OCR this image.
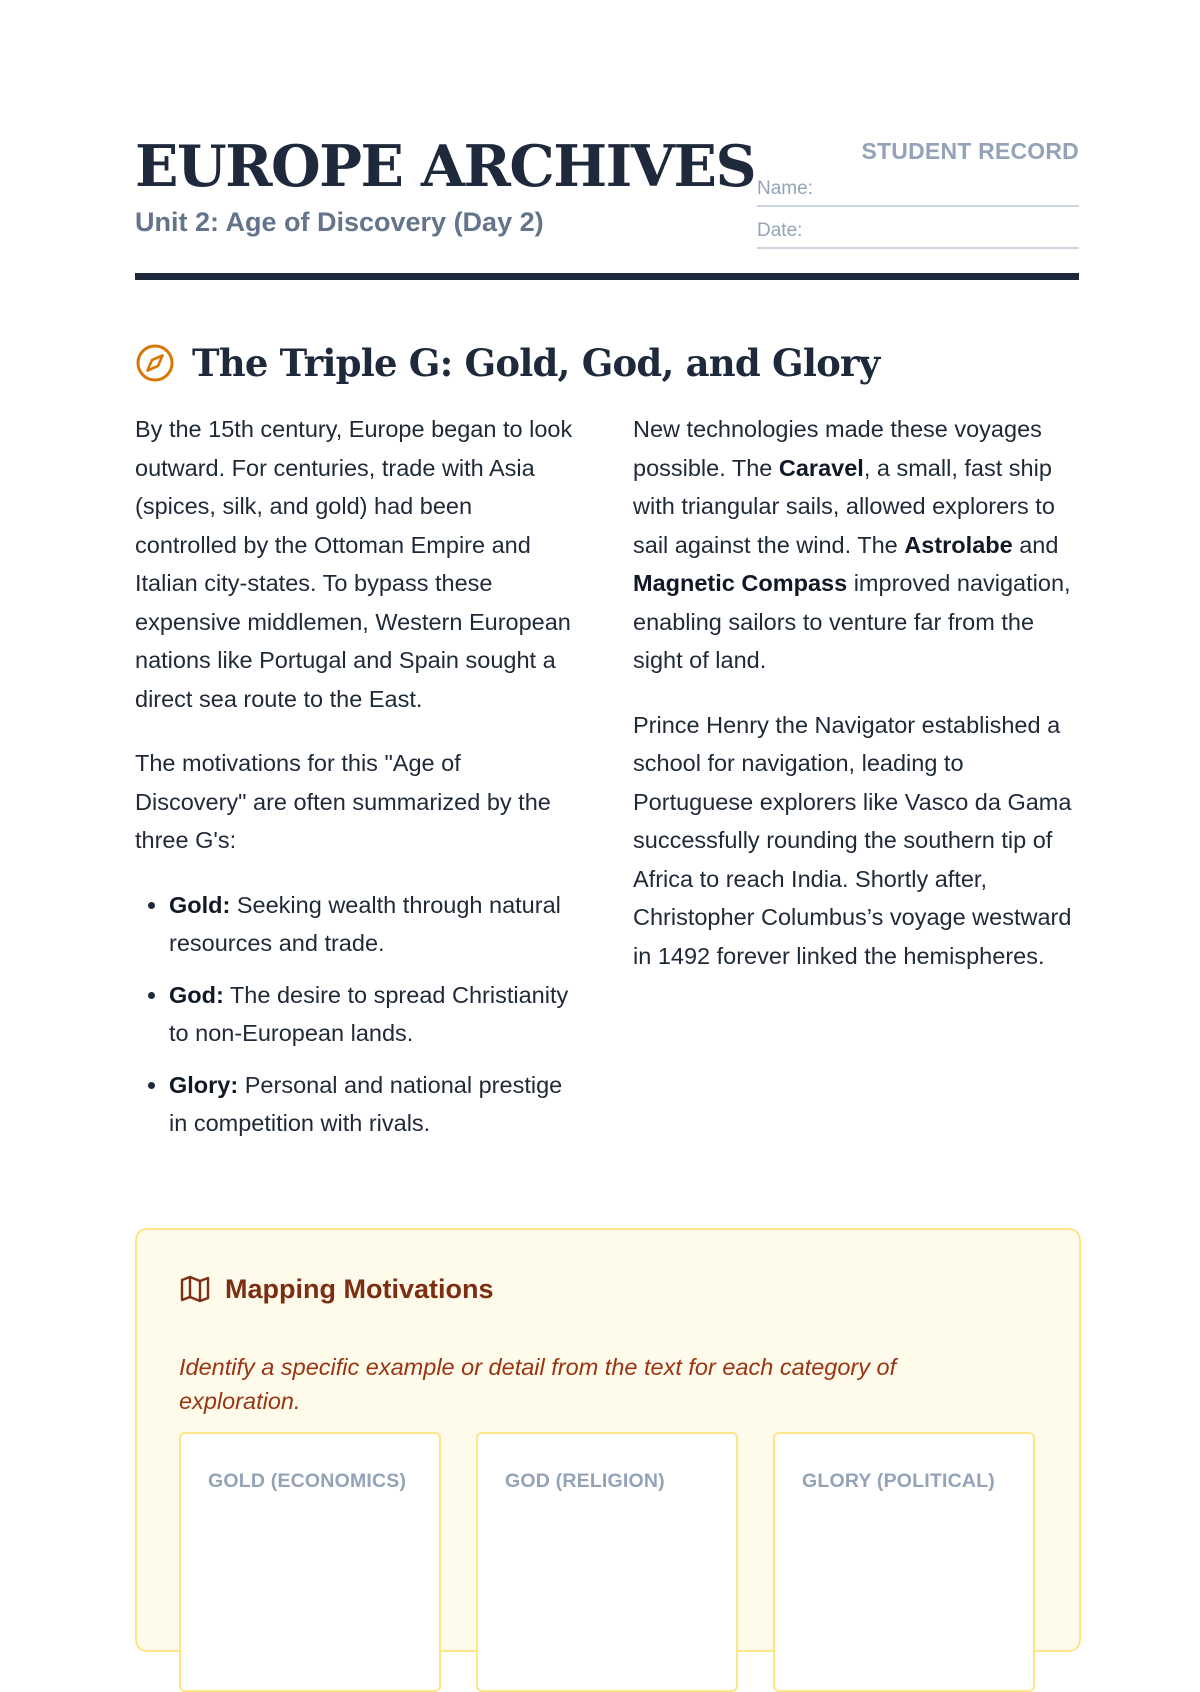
EUROPE ARCHIVES
Unit 2: Age of Discovery (Day 2)
STUDENT RECORD
Name:
Date:
The Triple G: Gold, God, and Glory

By the 15th century, Europe began to look outward. For centuries, trade with Asia (spices, silk, and gold) had been controlled by the Ottoman Empire and Italian city-states. To bypass these expensive middlemen, Western European nations like Portugal and Spain sought a direct sea route to the East.

The motivations for this "Age of Discovery" are often summarized by the three G's:

• Gold: Seeking wealth through natural resources and trade.
• God: The desire to spread Christianity to non-European lands.
• Glory: Personal and national prestige in competition with rivals.

New technologies made these voyages possible. The Caravel, a small, fast ship with triangular sails, allowed explorers to sail against the wind. The Astrolabe and Magnetic Compass improved navigation, enabling sailors to venture far from the sight of land.

Prince Henry the Navigator established a school for navigation, leading to Portuguese explorers like Vasco da Gama successfully rounding the southern tip of Africa to reach India. Shortly after, Christopher Columbus’s voyage westward in 1492 forever linked the hemispheres.

Mapping Motivations

Identify a specific example or detail from the text for each category of exploration.

GOLD (ECONOMICS)	GOD (RELIGION)	GLORY (POLITICAL)
